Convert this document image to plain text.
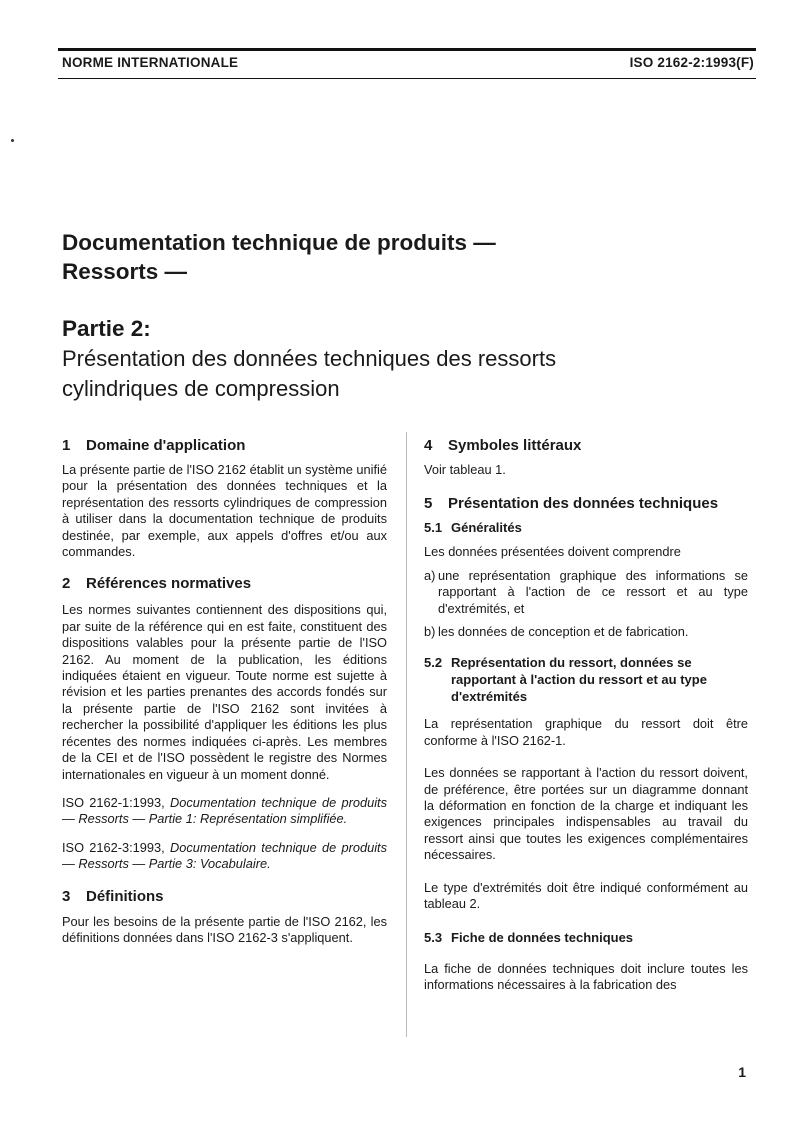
NORME INTERNATIONALE	ISO 2162-2:1993(F)
Documentation technique de produits —
Ressorts —
Partie 2:
Présentation des données techniques des ressorts
cylindriques de compression
1 Domaine d'application

La présente partie de l'ISO 2162 établit un système unifié pour la présentation des données techniques et la représentation des ressorts cylindriques de compression à utiliser dans la documentation technique de produits destinée, par exemple, aux appels d'offres et/ou aux commandes.

2 Références normatives

Les normes suivantes contiennent des dispositions qui, par suite de la référence qui en est faite, constituent des dispositions valables pour la présente partie de l'ISO 2162. Au moment de la publication, les éditions indiquées étaient en vigueur. Toute norme est sujette à révision et les parties prenantes des accords fondés sur la présente partie de l'ISO 2162 sont invitées à rechercher la possibilité d'appliquer les éditions les plus récentes des normes indiquées ci-après. Les membres de la CEI et de l'ISO possèdent le registre des Normes internationales en vigueur à un moment donné.

ISO 2162-1:1993, Documentation technique de produits — Ressorts — Partie 1: Représentation simplifiée.

ISO 2162-3:1993, Documentation technique de produits — Ressorts — Partie 3: Vocabulaire.

3 Définitions

Pour les besoins de la présente partie de l'ISO 2162, les définitions données dans l'ISO 2162-3 s'appliquent.

4 Symboles littéraux

Voir tableau 1.

5 Présentation des données techniques
5.1 Généralités

Les données présentées doivent comprendre

a) une représentation graphique des informations se rapportant à l'action de ce ressort et au type d'extrémités, et
b) les données de conception et de fabrication.
5.2 Représentation du ressort, données se rapportant à l'action du ressort et au type d'extrémités

La représentation graphique du ressort doit être conforme à l'ISO 2162-1.

Les données se rapportant à l'action du ressort doivent, de préférence, être portées sur un diagramme donnant la déformation en fonction de la charge et indiquant les exigences principales indispensables au travail du ressort ainsi que toutes les exigences complémentaires nécessaires.

Le type d'extrémités doit être indiqué conformément au tableau 2.

5.3 Fiche de données techniques

La fiche de données techniques doit inclure toutes les informations nécessaires à la fabrication des

1
